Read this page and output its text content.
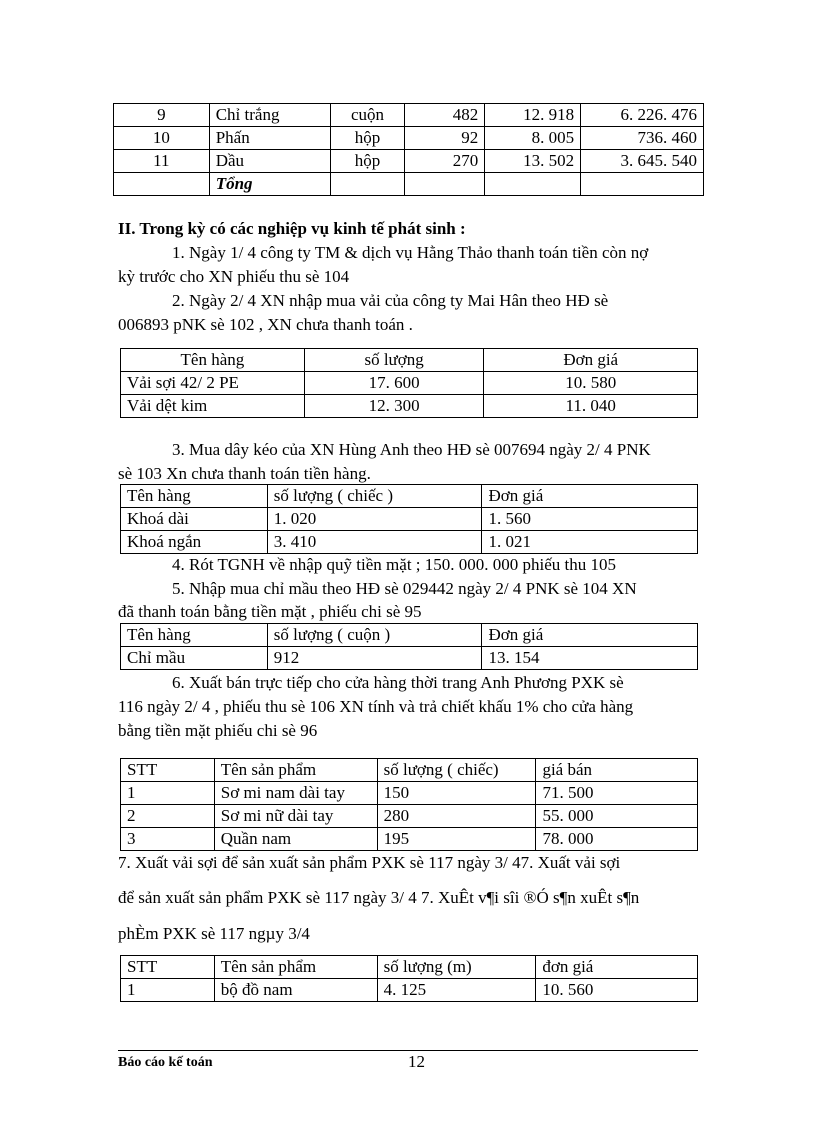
9	Chỉ trắng	cuộn	482	12. 918	6. 226. 476
10	Phấn	hộp	92	8. 005	736. 460
11	Dầu	hộp	270	13. 502	3. 645. 540
	Tổng				
II. Trong kỳ có các nghiệp vụ kinh tế phát sinh :
1. Ngày 1/ 4 công ty TM & dịch vụ Hằng Thảo thanh toán tiền còn nợ
kỳ trước cho XN phiếu thu sè 104
2. Ngày 2/ 4 XN nhập mua vải của công ty Mai Hân theo HĐ sè
006893 pNK sè 102 , XN chưa thanh toán .
Tên hàng	số lượng	Đơn giá
Vải sợi 42/ 2 PE	17. 600	10. 580
Vải dệt kim	12. 300	11. 040
3. Mua dây kéo của XN Hùng Anh theo HĐ sè 007694 ngày 2/ 4 PNK
sè 103 Xn chưa thanh toán tiền hàng.
Tên hàng	số lượng ( chiếc )	Đơn giá
Khoá dài	1. 020	1. 560
Khoá ngắn	3. 410	1. 021
4. Rót TGNH về nhập quỹ tiền mặt ; 150. 000. 000 phiếu thu 105
5. Nhập mua chỉ mầu theo HĐ sè 029442 ngày 2/ 4 PNK sè 104 XN
đã thanh toán bằng tiền mặt , phiếu chi sè 95
Tên hàng	số lượng ( cuộn )	Đơn giá
Chỉ mầu	912	13. 154
6. Xuất bán trực tiếp cho cửa hàng thời trang Anh Phương PXK sè
116 ngày 2/ 4 , phiếu thu sè 106 XN tính và trả chiết khấu 1% cho cửa hàng
bằng tiền mặt phiếu chi sè 96
STT	Tên sản phẩm	số lượng ( chiếc)	giá bán
1	Sơ mi nam dài tay	150	71. 500
2	Sơ mi nữ dài tay	280	55. 000
3	Quần nam	195	78. 000
7. Xuất vải sợi để sản xuất sản phẩm PXK sè 117 ngày 3/ 47. Xuất vải sợi
để sản xuất sản phẩm PXK sè 117 ngày 3/ 4 7. XuÊt v¶i sîi ®Ó s¶n xuÊt s¶n
phÈm PXK sè 117 ngµy 3/4
STT	Tên sản phẩm	số lượng (m)	đơn giá
1	bộ đồ nam	4. 125	10. 560
Báo cáo kế toán	12
